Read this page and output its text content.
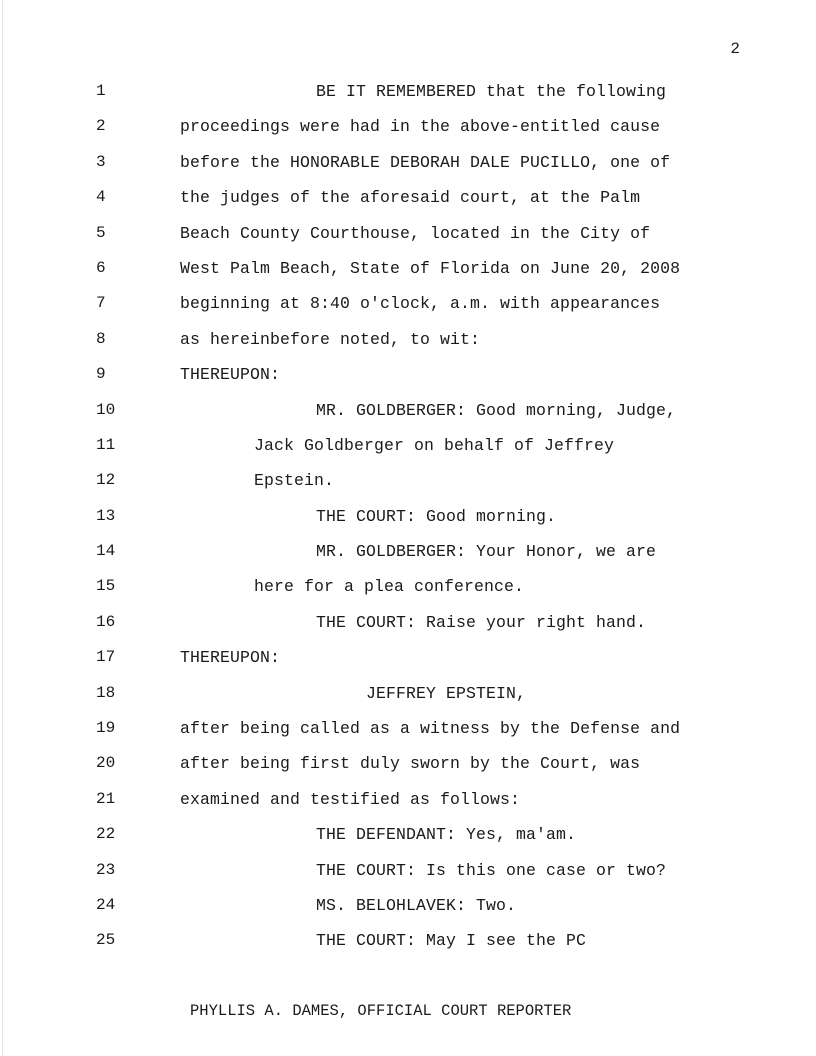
2
1	BE IT REMEMBERED that the following
2	proceedings were had in the above-entitled cause
3	before the HONORABLE DEBORAH DALE PUCILLO, one of
4	the judges of the aforesaid court, at the Palm
5	Beach County Courthouse, located in the City of
6	West Palm Beach, State of Florida on June 20, 2008
7	beginning at 8:40 o'clock, a.m. with appearances
8	as hereinbefore noted, to wit:
9	THEREUPON:
10	MR. GOLDBERGER: Good morning, Judge,
11	Jack Goldberger on behalf of Jeffrey
12	Epstein.
13	THE COURT: Good morning.
14	MR. GOLDBERGER: Your Honor, we are
15	here for a plea conference.
16	THE COURT: Raise your right hand.
17	THEREUPON:
18	JEFFREY EPSTEIN,
19	after being called as a witness by the Defense and
20	after being first duly sworn by the Court, was
21	examined and testified as follows:
22	THE DEFENDANT: Yes, ma'am.
23	THE COURT: Is this one case or two?
24	MS. BELOHLAVEK: Two.
25	THE COURT: May I see the PC
PHYLLIS A. DAMES, OFFICIAL COURT REPORTER
